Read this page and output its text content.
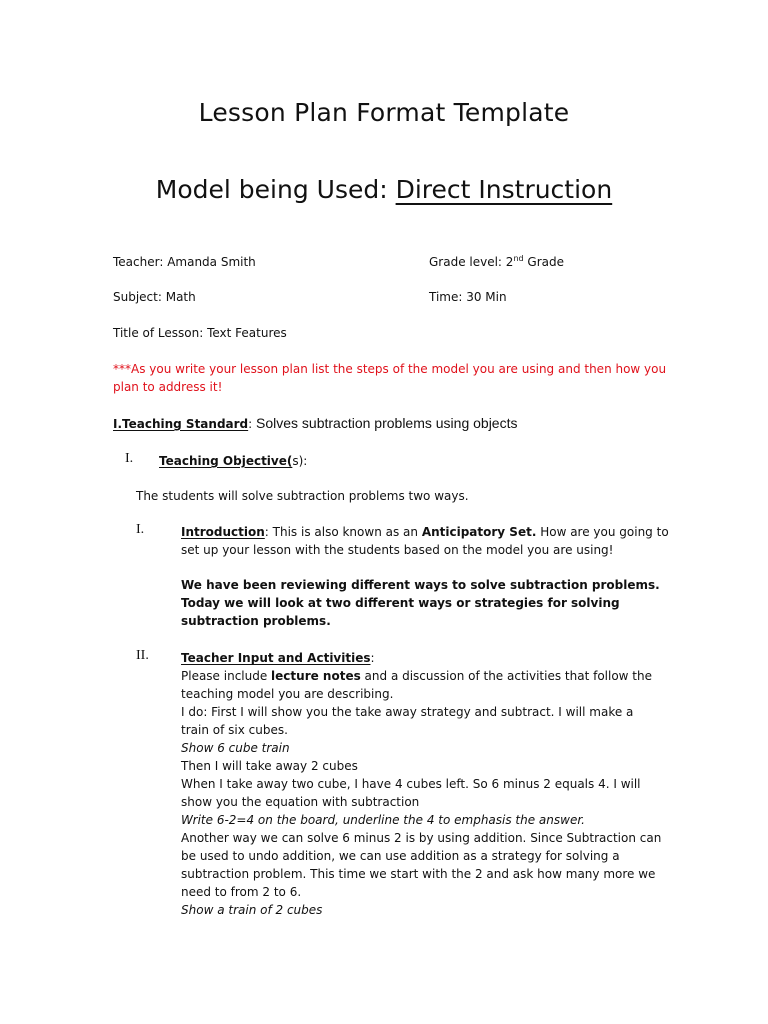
Lesson Plan Format Template
Model being Used: Direct Instruction
Teacher: Amanda Smith	Grade level: 2nd Grade
Subject: Math	Time: 30 Min
Title of Lesson: Text Features
***As you write your lesson plan list the steps of the model you are using and then how you
plan to address it!
I.Teaching Standard: Solves subtraction problems using objects
I. Teaching Objective(s):
The students will solve subtraction problems two ways.
I.	Introduction: This is also known as an Anticipatory Set. How are you going to
set up your lesson with the students based on the model you are using!
We have been reviewing different ways to solve subtraction problems.
Today we will look at two different ways or strategies for solving
subtraction problems.
II.	Teacher Input and Activities:
Please include lecture notes and a discussion of the activities that follow the
teaching model you are describing.
I do: First I will show you the take away strategy and subtract. I will make a
train of six cubes.
Show 6 cube train
Then I will take away 2 cubes
When I take away two cube, I have 4 cubes left. So 6 minus 2 equals 4. I will
show you the equation with subtraction
Write 6-2=4 on the board, underline the 4 to emphasis the answer.
Another way we can solve 6 minus 2 is by using addition. Since Subtraction can
be used to undo addition, we can use addition as a strategy for solving a
subtraction problem. This time we start with the 2 and ask how many more we
need to from 2 to 6.
Show a train of 2 cubes
